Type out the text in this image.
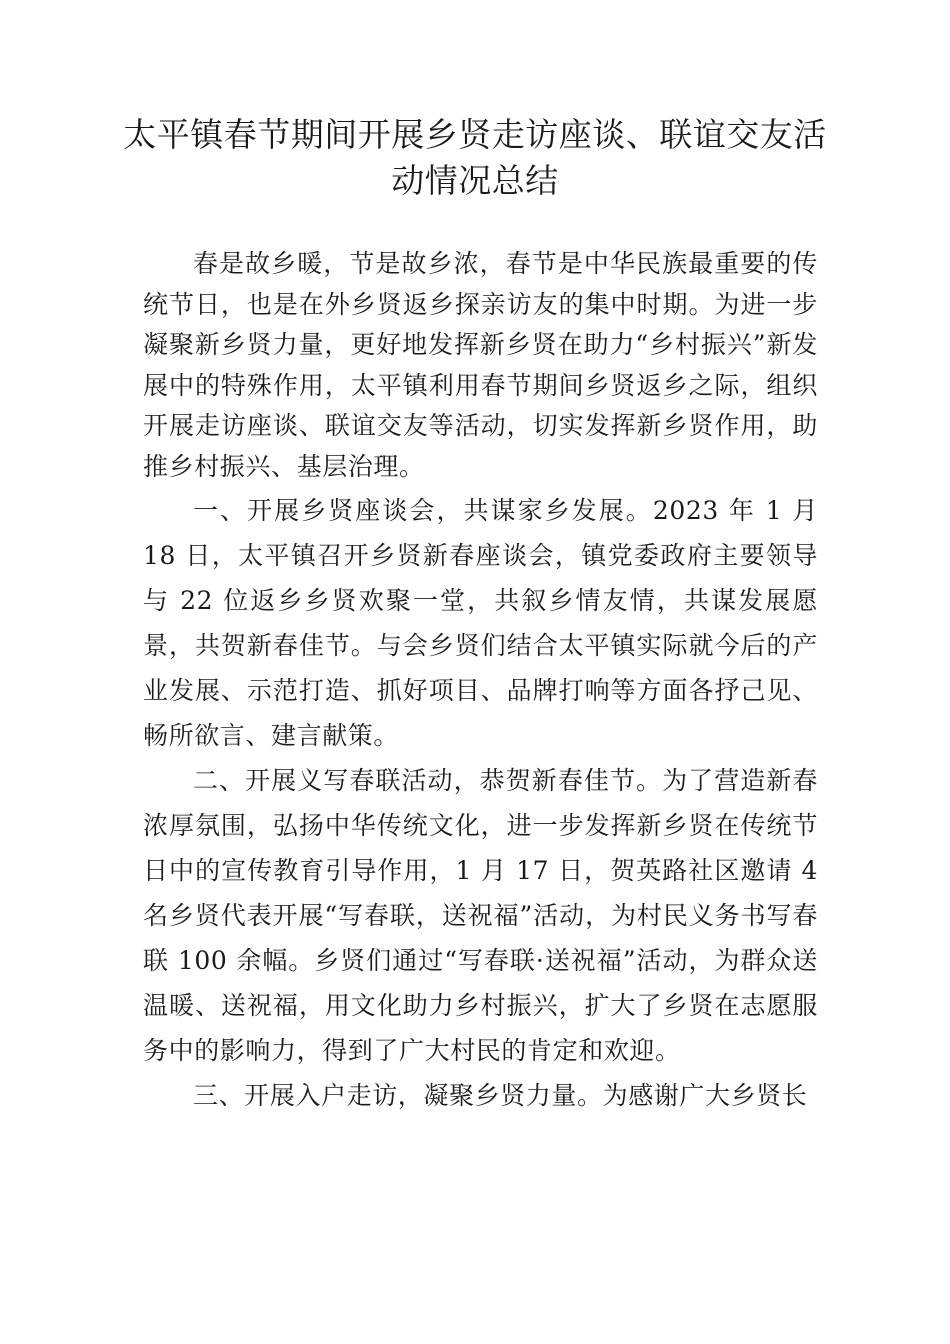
太平镇春节期间开展乡贤走访座谈、联谊交友活动情况总结

春是故乡暖，节是故乡浓，春节是中华民族最重要的传统节日，也是在外乡贤返乡探亲访友的集中时期。为进一步凝聚新乡贤力量，更好地发挥新乡贤在助力“乡村振兴”新发展中的特殊作用，太平镇利用春节期间乡贤返乡之际，组织开展走访座谈、联谊交友等活动，切实发挥新乡贤作用，助推乡村振兴、基层治理。

一、开展乡贤座谈会，共谋家乡发展。2023 年 1 月 18 日，太平镇召开乡贤新春座谈会，镇党委政府主要领导与 22 位返乡乡贤欢聚一堂，共叙乡情友情，共谋发展愿景，共贺新春佳节。与会乡贤们结合太平镇实际就今后的产业发展、示范打造、抓好项目、品牌打响等方面各抒己见、畅所欲言、建言献策。

二、开展义写春联活动，恭贺新春佳节。为了营造新春浓厚氛围，弘扬中华传统文化，进一步发挥新乡贤在传统节日中的宣传教育引导作用，1 月 17 日，贺英路社区邀请 4 名乡贤代表开展“写春联，送祝福”活动，为村民义务书写春联 100 余幅。乡贤们通过“写春联·送祝福”活动，为群众送温暖、送祝福，用文化助力乡村振兴，扩大了乡贤在志愿服务中的影响力，得到了广大村民的肯定和欢迎。

三、开展入户走访，凝聚乡贤力量。为感谢广大乡贤长
